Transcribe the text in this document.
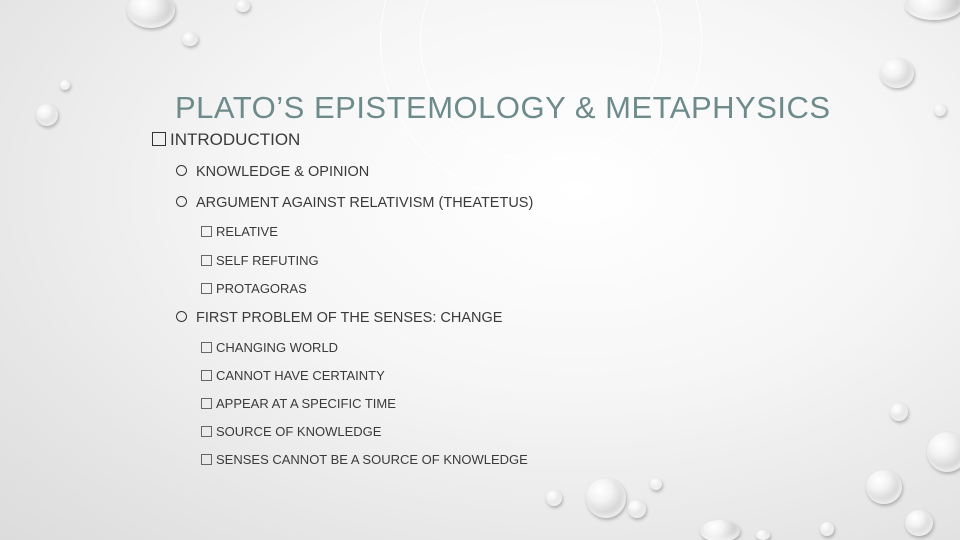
PLATO’S EPISTEMOLOGY & METAPHYSICS
INTRODUCTION
KNOWLEDGE & OPINION
ARGUMENT AGAINST RELATIVISM (THEATETUS)
RELATIVE
SELF REFUTING
PROTAGORAS
FIRST PROBLEM OF THE SENSES: CHANGE
CHANGING WORLD
CANNOT HAVE CERTAINTY
APPEAR AT A SPECIFIC TIME
SOURCE OF KNOWLEDGE
SENSES CANNOT BE A SOURCE OF KNOWLEDGE
